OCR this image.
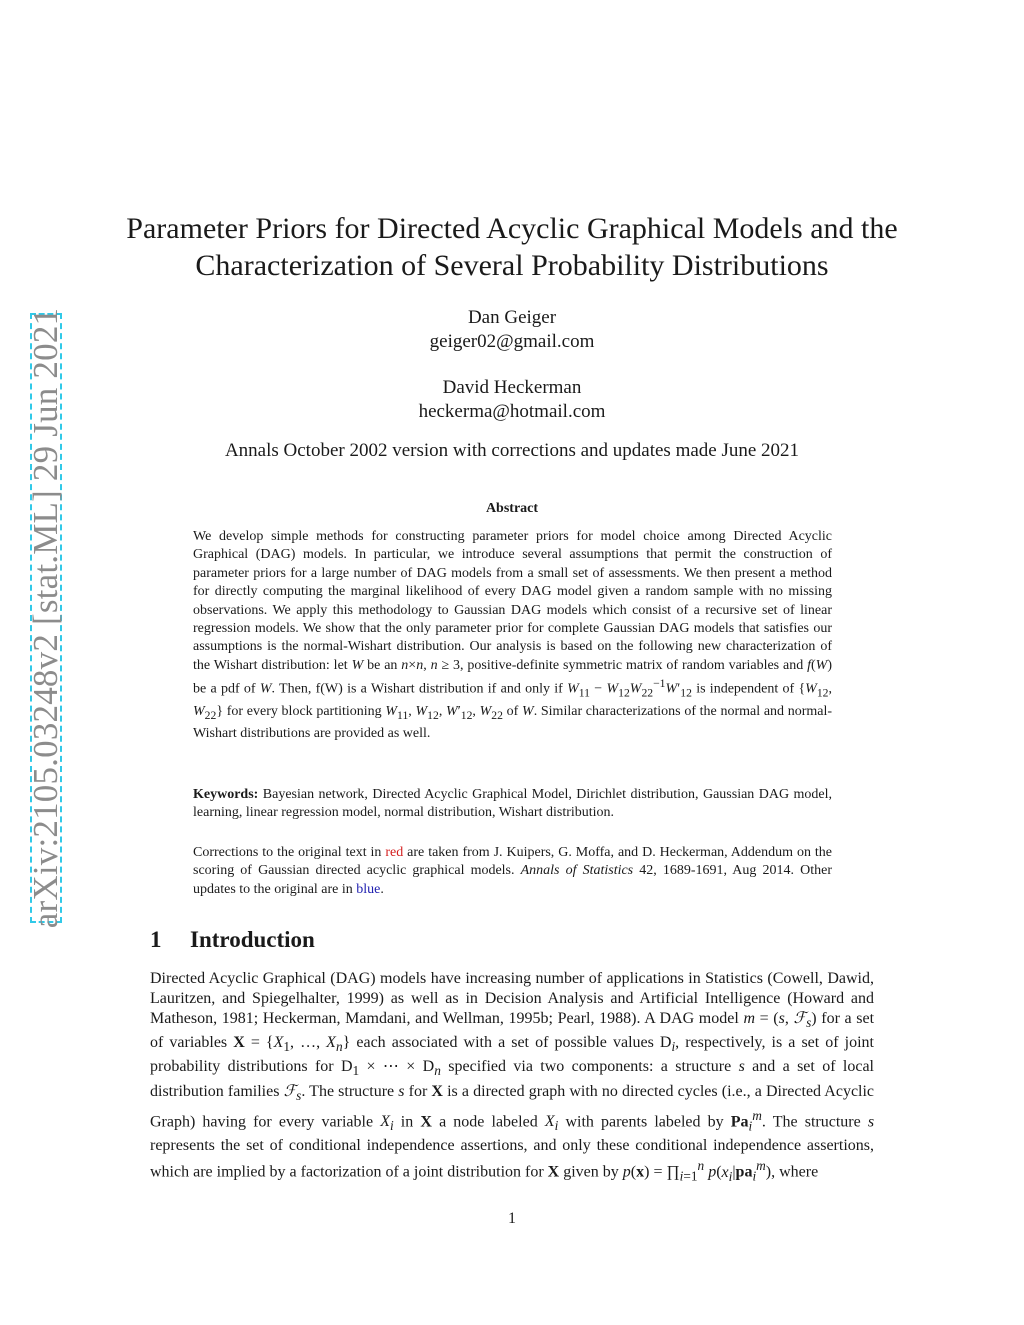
arXiv:2105.03248v2 [stat.ML] 29 Jun 2021
Parameter Priors for Directed Acyclic Graphical Models and the Characterization of Several Probability Distributions
Dan Geiger
geiger02@gmail.com
David Heckerman
heckerma@hotmail.com
Annals October 2002 version with corrections and updates made June 2021
Abstract
We develop simple methods for constructing parameter priors for model choice among Directed Acyclic Graphical (DAG) models. In particular, we introduce several assumptions that permit the construction of parameter priors for a large number of DAG models from a small set of assessments. We then present a method for directly computing the marginal likelihood of every DAG model given a random sample with no missing observations. We apply this methodology to Gaussian DAG models which consist of a recursive set of linear regression models. We show that the only parameter prior for complete Gaussian DAG models that satisfies our assumptions is the normal-Wishart distribution. Our analysis is based on the following new characterization of the Wishart distribution: let W be an n×n, n ≥ 3, positive-definite symmetric matrix of random variables and f(W) be a pdf of W. Then, f(W) is a Wishart distribution if and only if $W_{11} - W_{12}W_{22}^{-1}W'_{12}$ is independent of {$W_{12}$, $W_{22}$} for every block partitioning $W_{11}$, $W_{12}$, $W'_{12}$, $W_{22}$ of W. Similar characterizations of the normal and normal-Wishart distributions are provided as well.
Keywords: Bayesian network, Directed Acyclic Graphical Model, Dirichlet distribution, Gaussian DAG model, learning, linear regression model, normal distribution, Wishart distribution.
Corrections to the original text in red are taken from J. Kuipers, G. Moffa, and D. Heckerman, Addendum on the scoring of Gaussian directed acyclic graphical models. Annals of Statistics 42, 1689-1691, Aug 2014. Other updates to the original are in blue.
1 Introduction
Directed Acyclic Graphical (DAG) models have increasing number of applications in Statistics (Cowell, Dawid, Lauritzen, and Spiegelhalter, 1999) as well as in Decision Analysis and Artificial Intelligence (Howard and Matheson, 1981; Heckerman, Mamdani, and Wellman, 1995b; Pearl, 1988). A DAG model m = (s, ℱ$_s$) for a set of variables $X = \{X_1$, …, $X_n$} each associated with a set of possible values $D_i$, respectively, is a set of joint probability distributions for $D_1$ × ⋯ × $D_n$ specified via two components: a structure s and a set of local distribution families ℱ$_s$. The structure s for X is a directed graph with no directed cycles (i.e., a Directed Acyclic Graph) having for every variable $X_i$ in X a node labeled $X_i$ with parents labeled by $Pa_i^m$. The structure s represents the set of conditional independence assertions, and only these conditional independence assertions, which are implied by a factorization of a joint distribution for X given by $p(x) = \prod_{i=1}^n$ $p(x_i|pa_i^m)$, where
1
